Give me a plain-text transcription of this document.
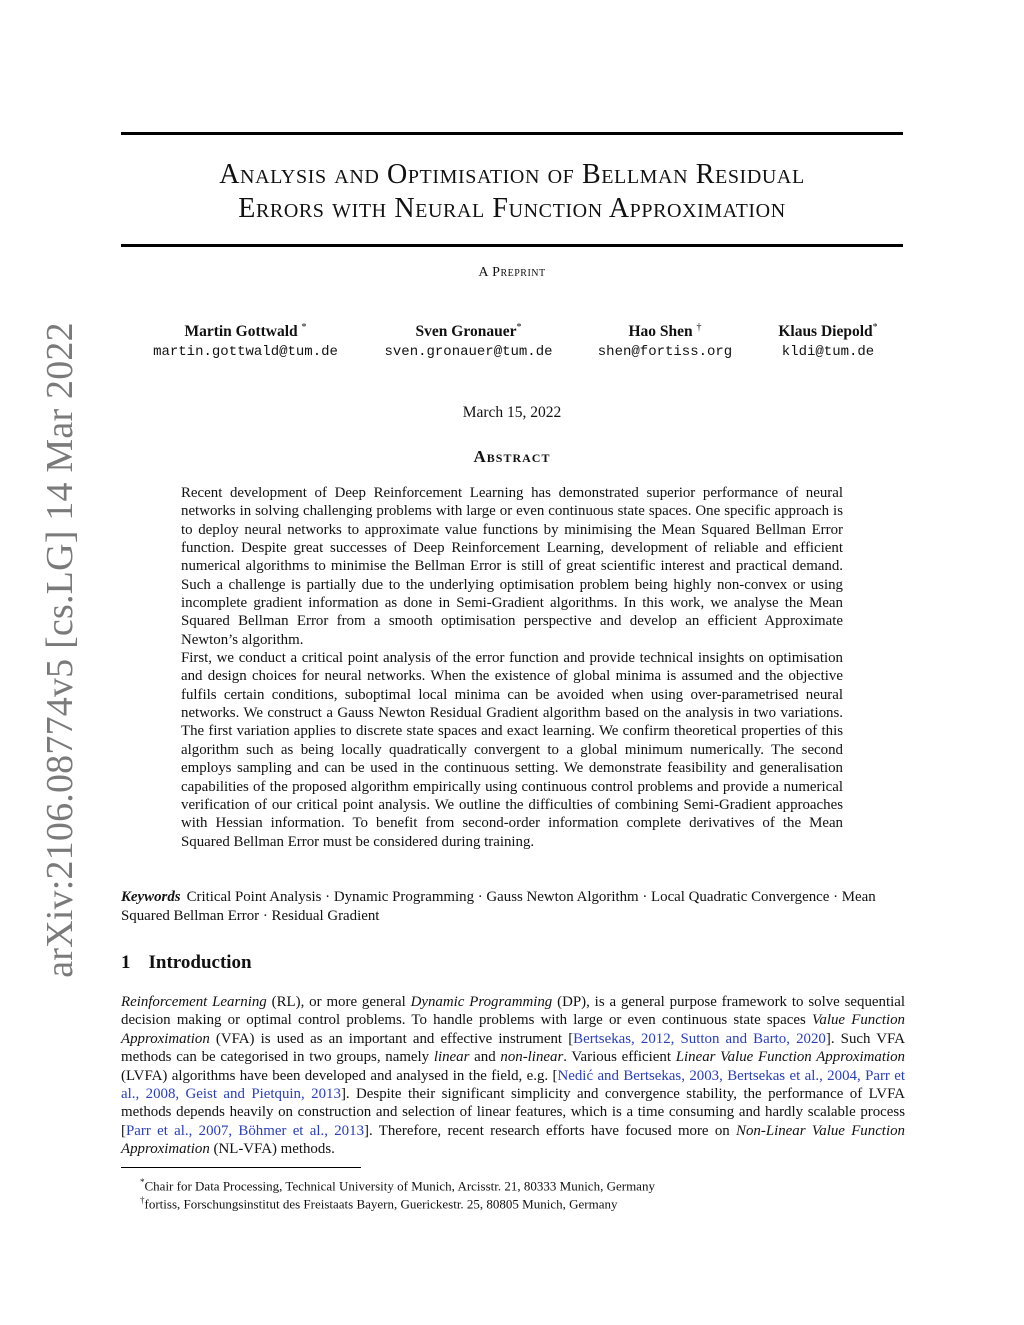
arXiv:2106.08774v5 [cs.LG] 14 Mar 2022
Analysis and Optimisation of Bellman Residual
Errors with Neural Function Approximation
A Preprint
Martin Gottwald *
martin.gottwald@tum.de
Sven Gronauer*
sven.gronauer@tum.de
Hao Shen †
shen@fortiss.org
Klaus Diepold*
kldi@tum.de
March 15, 2022
Abstract

Recent development of Deep Reinforcement Learning has demonstrated superior performance of neural networks in solving challenging problems with large or even continuous state spaces. One specific approach is to deploy neural networks to approximate value functions by minimising the Mean Squared Bellman Error function. Despite great successes of Deep Reinforcement Learning, development of reliable and efficient numerical algorithms to minimise the Bellman Error is still of great scientific interest and practical demand. Such a challenge is partially due to the underlying optimisation problem being highly non-convex or using incomplete gradient information as done in Semi-Gradient algorithms. In this work, we analyse the Mean Squared Bellman Error from a smooth optimisation perspective and develop an efficient Approximate Newton’s algorithm.

First, we conduct a critical point analysis of the error function and provide technical insights on optimisation and design choices for neural networks. When the existence of global minima is assumed and the objective fulfils certain conditions, suboptimal local minima can be avoided when using over-parametrised neural networks. We construct a Gauss Newton Residual Gradient algorithm based on the analysis in two variations. The first variation applies to discrete state spaces and exact learning. We confirm theoretical properties of this algorithm such as being locally quadratically convergent to a global minimum numerically. The second employs sampling and can be used in the continuous setting. We demonstrate feasibility and generalisation capabilities of the proposed algorithm empirically using continuous control problems and provide a numerical verification of our critical point analysis. We outline the difficulties of combining Semi-Gradient approaches with Hessian information. To benefit from second-order information complete derivatives of the Mean Squared Bellman Error must be considered during training.

Keywords Critical Point Analysis · Dynamic Programming · Gauss Newton Algorithm · Local Quadratic Convergence · Mean Squared Bellman Error · Residual Gradient
1 Introduction

Reinforcement Learning (RL), or more general Dynamic Programming (DP), is a general purpose framework to solve sequential decision making or optimal control problems. To handle problems with large or even continuous state spaces Value Function Approximation (VFA) is used as an important and effective instrument [Bertsekas, 2012, Sutton and Barto, 2020]. Such VFA methods can be categorised in two groups, namely linear and non-linear. Various efficient Linear Value Function Approximation (LVFA) algorithms have been developed and analysed in the field, e.g. [Nedić and Bertsekas, 2003, Bertsekas et al., 2004, Parr et al., 2008, Geist and Pietquin, 2013]. Despite their significant simplicity and convergence stability, the performance of LVFA methods depends heavily on construction and selection of linear features, which is a time consuming and hardly scalable process [Parr et al., 2007, Böhmer et al., 2013]. Therefore, recent research efforts have focused more on Non-Linear Value Function Approximation (NL-VFA) methods.

*Chair for Data Processing, Technical University of Munich, Arcisstr. 21, 80333 Munich, Germany
†fortiss, Forschungsinstitut des Freistaats Bayern, Guerickestr. 25, 80805 Munich, Germany
